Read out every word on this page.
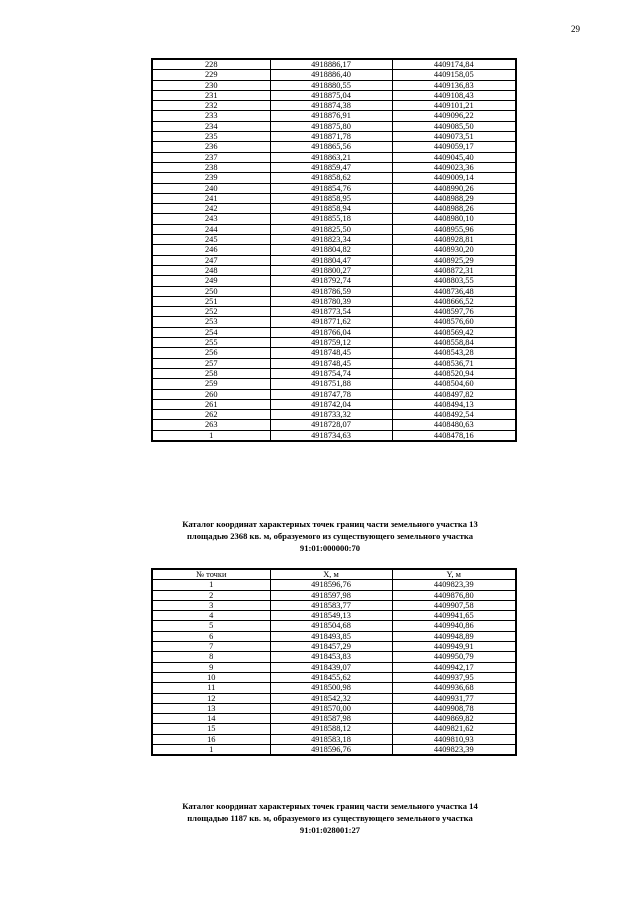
29
228	4918886,17	4409174,84
229	4918886,40	4409158,05
230	4918880,55	4409136,83
231	4918875,04	4409108,43
232	4918874,38	4409101,21
233	4918876,91	4409096,22
234	4918875,80	4409085,50
235	4918871,78	4409073,51
236	4918865,56	4409059,17
237	4918863,21	4409045,40
238	4918859,47	4409023,36
239	4918858,62	4409009,14
240	4918854,76	4408990,26
241	4918858,95	4408988,29
242	4918858,94	4408988,26
243	4918855,18	4408980,10
244	4918825,50	4408955,96
245	4918823,34	4408928,81
246	4918804,82	4408930,20
247	4918804,47	4408925,29
248	4918800,27	4408872,31
249	4918792,74	4408803,55
250	4918786,59	4408736,48
251	4918780,39	4408666,52
252	4918773,54	4408597,76
253	4918771,62	4408576,60
254	4918766,04	4408569,42
255	4918759,12	4408558,84
256	4918748,45	4408543,28
257	4918748,45	4408536,71
258	4918754,74	4408520,94
259	4918751,88	4408504,60
260	4918747,78	4408497,82
261	4918742,04	4408494,13
262	4918733,32	4408492,54
263	4918728,07	4408480,63
1	4918734,63	4408478,16
Каталог координат характерных точек границ части земельного участка 13
площадью 2368 кв. м, образуемого из существующего земельного участка
91:01:000000:70
№ точки	X, м	Y, м
1	4918596,76	4409823,39
2	4918597,98	4409876,80
3	4918583,77	4409907,58
4	4918549,13	4409941,65
5	4918504,68	4409940,86
6	4918493,85	4409948,89
7	4918457,29	4409949,91
8	4918453,83	4409950,79
9	4918439,07	4409942,17
10	4918455,62	4409937,95
11	4918500,98	4409936,68
12	4918542,32	4409931,77
13	4918570,00	4409908,78
14	4918587,98	4409869,82
15	4918588,12	4409821,62
16	4918583,18	4409810,93
1	4918596,76	4409823,39
Каталог координат характерных точек границ части земельного участка 14
площадью 1187 кв. м, образуемого из существующего земельного участка
91:01:028001:27
